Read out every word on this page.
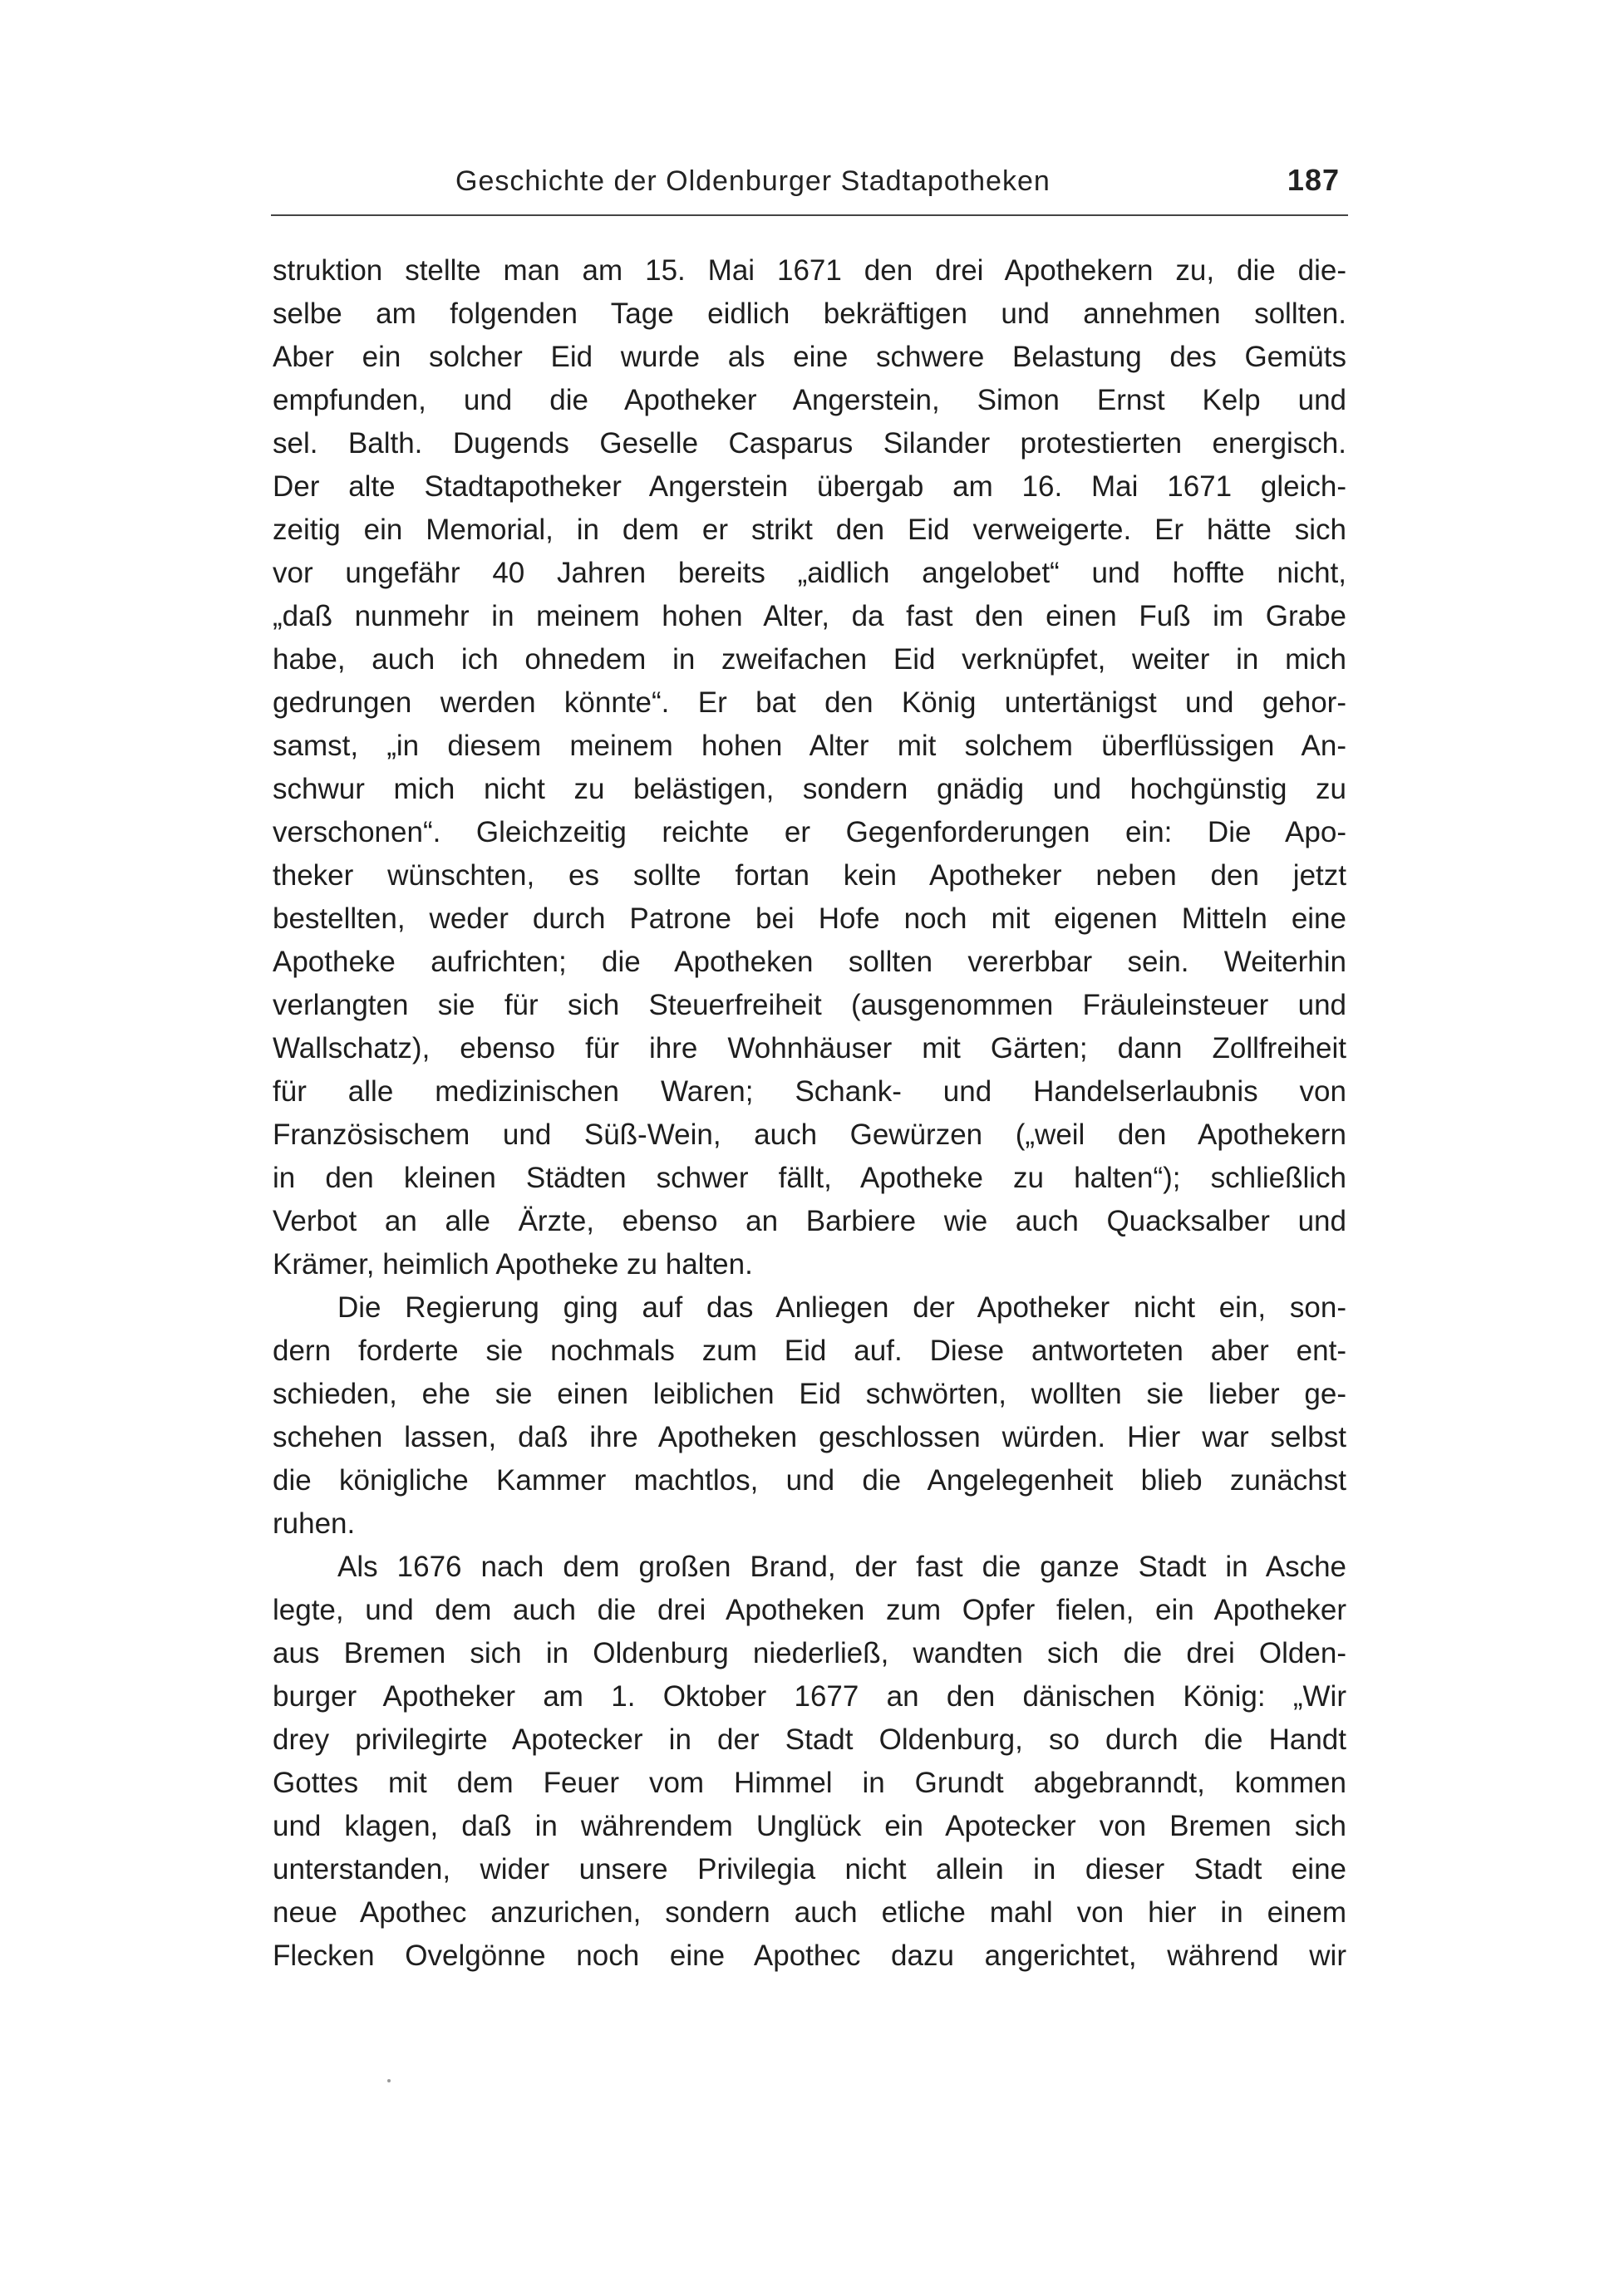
Geschichte der Oldenburger Stadtapotheken	187
struktion stellte man am 15. Mai 1671 den drei Apothekern zu, die die-
selbe am folgenden Tage eidlich bekräftigen und annehmen sollten.
Aber ein solcher Eid wurde als eine schwere Belastung des Gemüts
empfunden, und die Apotheker Angerstein, Simon Ernst Kelp und
sel. Balth. Dugends Geselle Casparus Silander protestierten energisch.
Der alte Stadtapotheker Angerstein übergab am 16. Mai 1671 gleich-
zeitig ein Memorial, in dem er strikt den Eid verweigerte. Er hätte sich
vor ungefähr 40 Jahren bereits „aidlich angelobet“ und hoffte nicht,
„daß nunmehr in meinem hohen Alter, da fast den einen Fuß im Grabe
habe, auch ich ohnedem in zweifachen Eid verknüpfet, weiter in mich
gedrungen werden könnte“. Er bat den König untertänigst und gehor-
samst, „in diesem meinem hohen Alter mit solchem überflüssigen An-
schwur mich nicht zu belästigen, sondern gnädig und hochgünstig zu
verschonen“. Gleichzeitig reichte er Gegenforderungen ein: Die Apo-
theker wünschten, es sollte fortan kein Apotheker neben den jetzt
bestellten, weder durch Patrone bei Hofe noch mit eigenen Mitteln eine
Apotheke aufrichten; die Apotheken sollten vererbbar sein. Weiterhin
verlangten sie für sich Steuerfreiheit (ausgenommen Fräuleinsteuer und
Wallschatz), ebenso für ihre Wohnhäuser mit Gärten; dann Zollfreiheit
für alle medizinischen Waren; Schank- und Handelserlaubnis von
Französischem und Süß-Wein, auch Gewürzen („weil den Apothekern
in den kleinen Städten schwer fällt, Apotheke zu halten“); schließlich
Verbot an alle Ärzte, ebenso an Barbiere wie auch Quacksalber und
Krämer, heimlich Apotheke zu halten.
Die Regierung ging auf das Anliegen der Apotheker nicht ein, son-
dern forderte sie nochmals zum Eid auf. Diese antworteten aber ent-
schieden, ehe sie einen leiblichen Eid schwörten, wollten sie lieber ge-
schehen lassen, daß ihre Apotheken geschlossen würden. Hier war selbst
die königliche Kammer machtlos, und die Angelegenheit blieb zunächst
ruhen.
Als 1676 nach dem großen Brand, der fast die ganze Stadt in Asche
legte, und dem auch die drei Apotheken zum Opfer fielen, ein Apotheker
aus Bremen sich in Oldenburg niederließ, wandten sich die drei Olden-
burger Apotheker am 1. Oktober 1677 an den dänischen König: „Wir
drey privilegirte Apotecker in der Stadt Oldenburg, so durch die Handt
Gottes mit dem Feuer vom Himmel in Grundt abgebranndt, kommen
und klagen, daß in währendem Unglück ein Apotecker von Bremen sich
unterstanden, wider unsere Privilegia nicht allein in dieser Stadt eine
neue Apothec anzurichen, sondern auch etliche mahl von hier in einem
Flecken Ovelgönne noch eine Apothec dazu angerichtet, während wir
